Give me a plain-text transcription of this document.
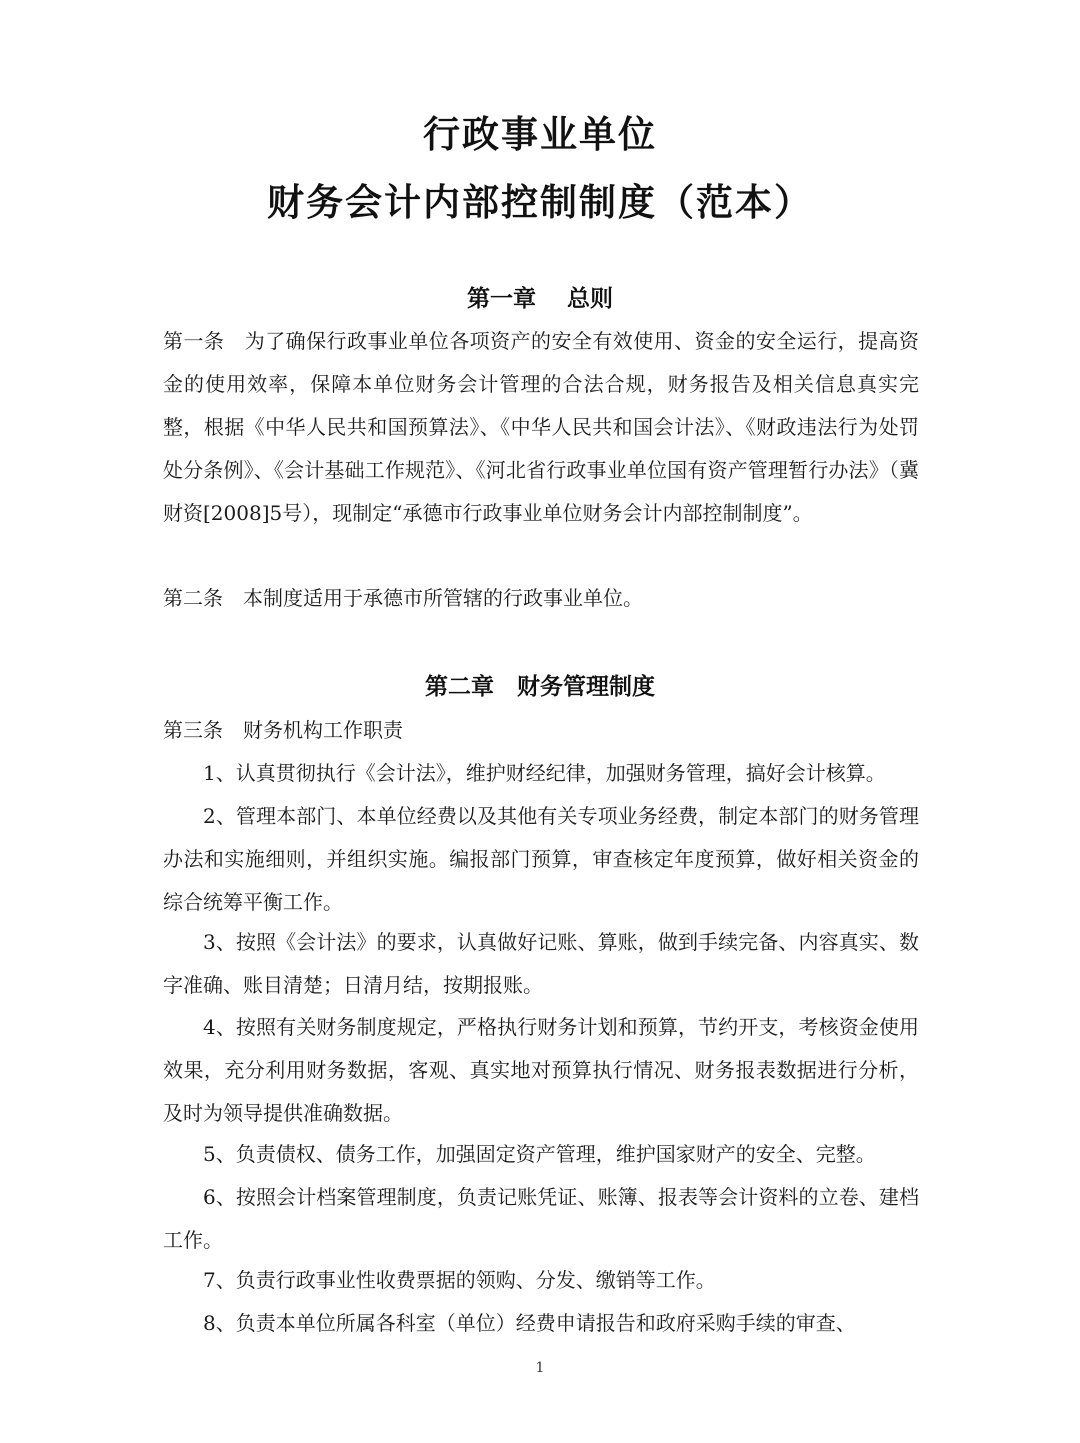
行政事业单位
财务会计内部控制制度（范本）
第一章　 总则
第一条　为了确保行政事业单位各项资产的安全有效使用、资金的安全运行，提高资金的使用效率，保障本单位财务会计管理的合法合规，财务报告及相关信息真实完整，根据《中华人民共和国预算法》、《中华人民共和国会计法》、《财政违法行为处罚处分条例》、《会计基础工作规范》、《河北省行政事业单位国有资产管理暂行办法》（冀财资[2008]5号），现制定“承德市行政事业单位财务会计内部控制制度”。
第二条　本制度适用于承德市所管辖的行政事业单位。
第二章　财务管理制度
第三条　财务机构工作职责
1、认真贯彻执行《会计法》，维护财经纪律，加强财务管理，搞好会计核算。
2、管理本部门、本单位经费以及其他有关专项业务经费，制定本部门的财务管理办法和实施细则，并组织实施。编报部门预算，审查核定年度预算，做好相关资金的综合统筹平衡工作。
3、按照《会计法》的要求，认真做好记账、算账，做到手续完备、内容真实、数字准确、账目清楚；日清月结，按期报账。
4、按照有关财务制度规定，严格执行财务计划和预算，节约开支，考核资金使用效果，充分利用财务数据，客观、真实地对预算执行情况、财务报表数据进行分析，及时为领导提供准确数据。
5、负责债权、债务工作，加强固定资产管理，维护国家财产的安全、完整。
6、按照会计档案管理制度，负责记账凭证、账簿、报表等会计资料的立卷、建档工作。
7、负责行政事业性收费票据的领购、分发、缴销等工作。
8、负责本单位所属各科室（单位）经费申请报告和政府采购手续的审查、
1
